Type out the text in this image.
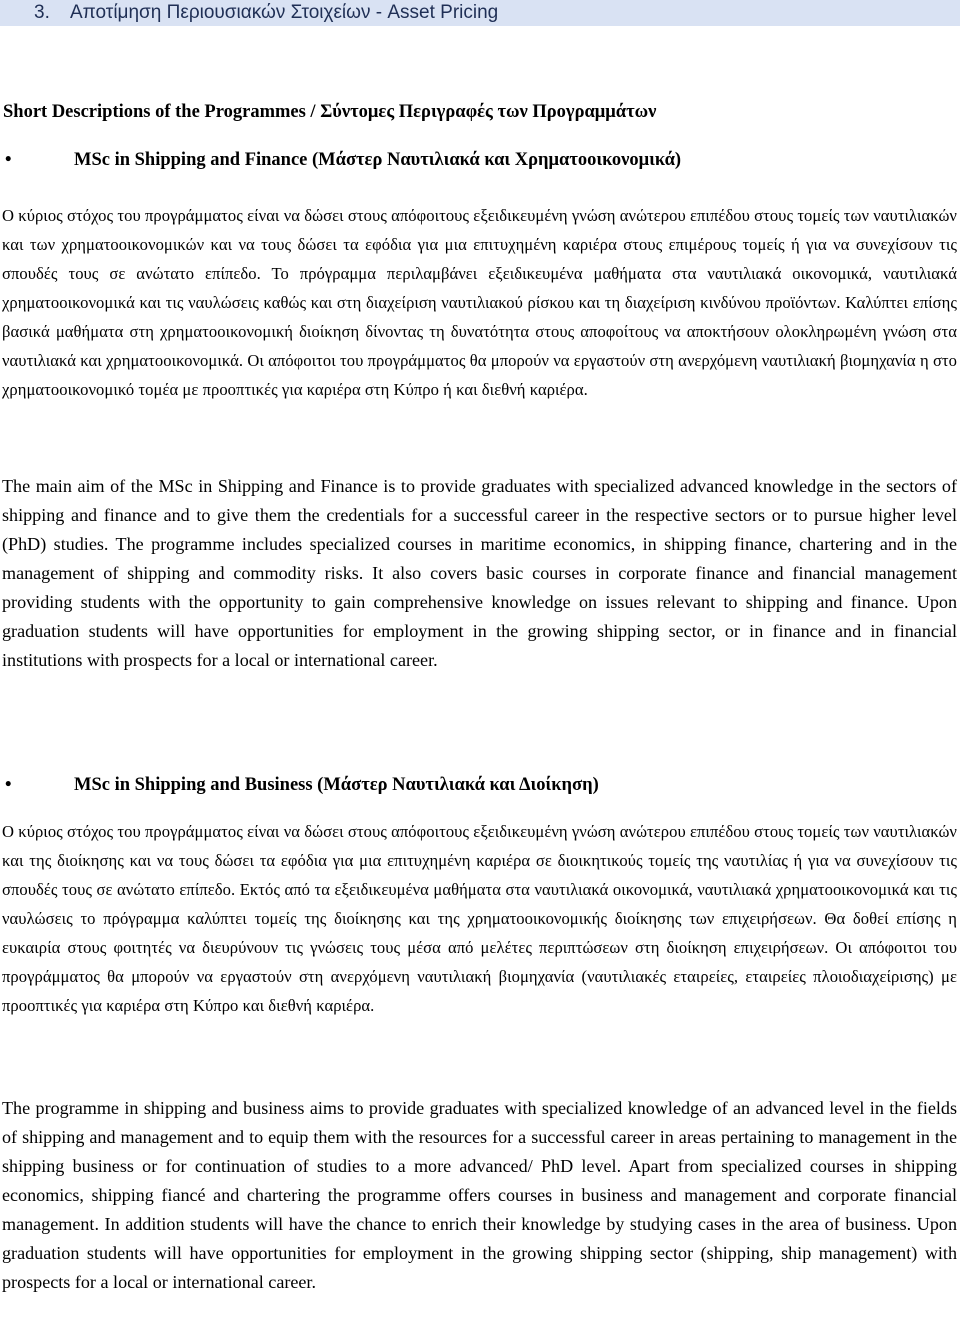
3. Αποτίμηση Περιουσιακών Στοιχείων - Asset Pricing
Short Descriptions of the Programmes / Σύντομες Περιγραφές των Προγραμμάτων
•	MSc in Shipping and Finance (Μάστερ Ναυτιλιακά και Χρηματοοικονομικά)

Ο κύριος στόχος του προγράμματος είναι να δώσει στους απόφοιτους εξειδικευμένη γνώση ανώτερου επιπέδου στους τομείς των ναυτιλιακών και των χρηματοοικονομικών και να τους δώσει τα εφόδια για μια επιτυχημένη καριέρα στους επιμέρους τομείς ή για να συνεχίσουν τις σπουδές τους σε ανώτατο επίπεδο. Το πρόγραμμα περιλαμβάνει εξειδικευμένα μαθήματα στα ναυτιλιακά οικονομικά, ναυτιλιακά χρηματοοικονομικά και τις ναυλώσεις καθώς και στη διαχείριση ναυτιλιακού ρίσκου και τη διαχείριση κινδύνου προϊόντων. Καλύπτει επίσης βασικά μαθήματα στη χρηματοοικονομική διοίκηση δίνοντας τη δυνατότητα στους αποφοίτους να αποκτήσουν ολοκληρωμένη γνώση στα ναυτιλιακά και χρηματοοικονομικά. Οι απόφοιτοι του προγράμματος θα μπορούν να εργαστούν στη ανερχόμενη ναυτιλιακή βιομηχανία η στο χρηματοοικονομικό τομέα με προοπτικές για καριέρα στη Κύπρο ή και διεθνή καριέρα.

The main aim of the MSc in Shipping and Finance is to provide graduates with specialized advanced knowledge in the sectors of shipping and finance and to give them the credentials for a successful career in the respective sectors or to pursue higher level (PhD) studies. The programme includes specialized courses in maritime economics, in shipping finance, chartering and in the management of shipping and commodity risks. It also covers basic courses in corporate finance and financial management providing students with the opportunity to gain comprehensive knowledge on issues relevant to shipping and finance. Upon graduation students will have opportunities for employment in the growing shipping sector, or in finance and in financial institutions with prospects for a local or international career.

•	MSc in Shipping and Business (Μάστερ Ναυτιλιακά και Διοίκηση)

Ο κύριος στόχος του προγράμματος είναι να δώσει στους απόφοιτους εξειδικευμένη γνώση ανώτερου επιπέδου στους τομείς των ναυτιλιακών και της διοίκησης και να τους δώσει τα εφόδια για μια επιτυχημένη καριέρα σε διοικητικούς τομείς της ναυτιλίας ή για να συνεχίσουν τις σπουδές τους σε ανώτατο επίπεδο. Εκτός από τα εξειδικευμένα μαθήματα στα ναυτιλιακά οικονομικά, ναυτιλιακά χρηματοοικονομικά και τις ναυλώσεις το πρόγραμμα καλύπτει τομείς της διοίκησης και της χρηματοοικονομικής διοίκησης των επιχειρήσεων. Θα δοθεί επίσης η ευκαιρία στους φοιτητές να διευρύνουν τις γνώσεις τους μέσα από μελέτες περιπτώσεων στη διοίκηση επιχειρήσεων. Οι απόφοιτοι του προγράμματος θα μπορούν να εργαστούν στη ανερχόμενη ναυτιλιακή βιομηχανία (ναυτιλιακές εταιρείες, εταιρείες πλοιοδιαχείρισης) με προοπτικές για καριέρα στη Κύπρο και διεθνή καριέρα.

The programme in shipping and business aims to provide graduates with specialized knowledge of an advanced level in the fields of shipping and management and to equip them with the resources for a successful career in areas pertaining to management in the shipping business or for continuation of studies to a more advanced/ PhD level. Apart from specialized courses in shipping economics, shipping fiancé and chartering the programme offers courses in business and management and corporate financial management. In addition students will have the chance to enrich their knowledge by studying cases in the area of business. Upon graduation students will have opportunities for employment in the growing shipping sector (shipping, ship management) with prospects for a local or international career.
